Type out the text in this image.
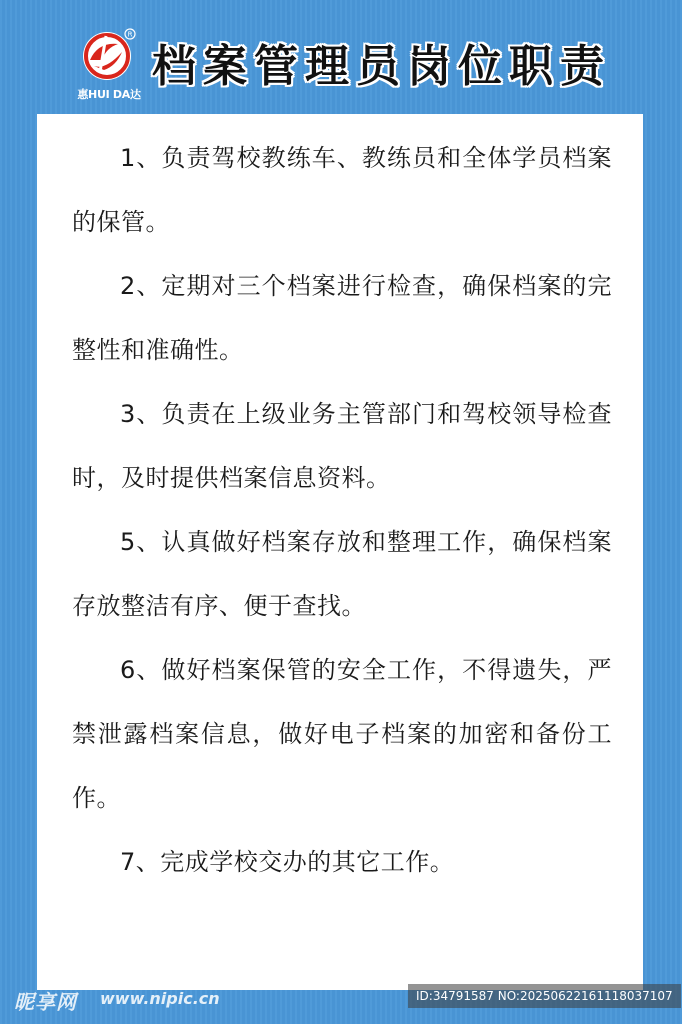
R
惠HUI DA达
档案管理员岗位职责

1、负责驾校教练车、教练员和全体学员档案的保管。

2、定期对三个档案进行检查，确保档案的完整性和准确性。

3、负责在上级业务主管部门和驾校领导检查时，及时提供档案信息资料。

5、认真做好档案存放和整理工作，确保档案存放整洁有序、便于查找。

6、做好档案保管的安全工作，不得遗失，严禁泄露档案信息，做好电子档案的加密和备份工作。

7、完成学校交办的其它工作。

昵享网 www.nipic.cn	ID:34791587 NO:20250622161118037107
